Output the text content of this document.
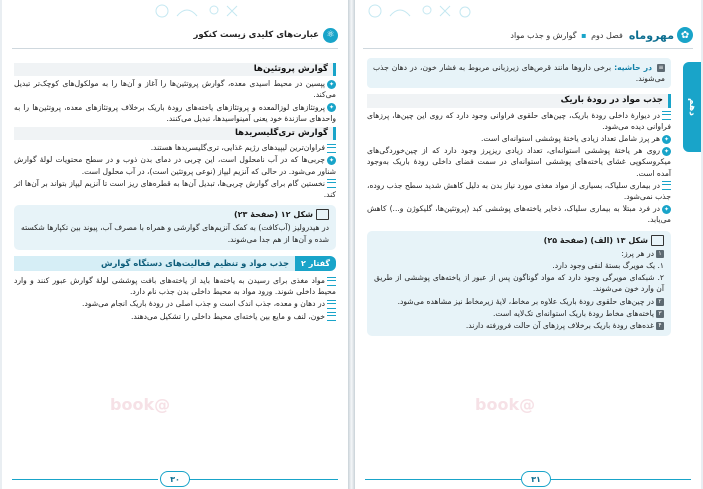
✿
مهروماه
فصل دوم ▪ گوارش و جذب مواد
دهم
≡ در حاشیه: برخی داروها مانند قرص‌های زیرزبانی مربوط به فشار خون، در دهان جذب می‌شوند.
جذب مواد در رودهٔ باریک

در دیوارهٔ داخلی رودهٔ باریک، چین‌های حلقوی فراوانی وجود دارد که روی این چین‌ها، پرزهای فراوانی دیده می‌شود.

✦هر پرز شامل تعداد زیادی یاختهٔ پوششی استوانه‌ای است.

✦روی هر یاختهٔ پوششی استوانه‌ای، تعداد زیادی ریزپرز وجود دارد که از چین‌خوردگی‌های میکروسکوپی غشای یاخته‌های پوششی استوانه‌ای در سمت فضای داخلی رودهٔ باریک به‌وجود آمده است.

در بیماری سلیاک، بسیاری از مواد مغذی مورد نیاز بدن به دلیل کاهش شدید سطح جذب روده، جذب نمی‌شود.

✦در فرد مبتلا به بیماری سلیاک، ذخایر یاخته‌های پوششی کبد (پروتئین‌ها، گلیکوژن و...) کاهش می‌یابد.

شکل ۱۳ (الف) (صفحهٔ ۲۵)

۱در هر پرز:

۱. یک مویرگ بستهٔ لنفی وجود دارد.

۲. شبکه‌ای مویرگی وجود دارد که مواد گوناگون پس از عبور از یاخته‌های پوششی از طریق آن وارد خون می‌شوند.

۲در چین‌های حلقوی رودهٔ باریک علاوه بر مخاط، لایهٔ زیرمخاط نیز مشاهده می‌شود.

۳یاخته‌های مخاط رودهٔ باریک استوانه‌ای تک‌لایه است.

۴غده‌های رودهٔ باریک برخلاف پرزهای آن حالت فرورفته دارند.

۳۱
⚛
عبارت‌های کلیدی زیست کنکور
گوارش پروتئین‌ها

✦پپسین در محیط اسیدی معده، گوارش پروتئین‌ها را آغاز و آن‌ها را به مولکول‌های کوچک‌تر تبدیل می‌کند.

✦پروتئازهای لوزالمعده و پروتئازهای یاخته‌های رودهٔ باریک برخلاف پروتئازهای معده، پروتئین‌ها را به واحدهای سازندهٔ خود یعنی آمینواسیدها، تبدیل می‌کنند.

گوارش تری‌گلیسریدها

فراوان‌ترین لیپیدهای رژیم غذایی، تری‌گلیسریدها هستند.

✦چربی‌ها که در آب نامحلول است، این چربی در دمای بدن ذوب و در سطح محتویات لولهٔ گوارش شناور می‌شود. در حالی که آنزیم لیپاز (نوعی پروتئین است)، در آب محلول است.

نخستین گام برای گوارش چربی‌ها، تبدیل آن‌ها به قطره‌های ریز است تا آنزیم لیپاز بتواند بر آن‌ها اثر کند.

شکل ۱۲ (صفحهٔ ۲۳)

در هیدرولیز (آب‌کافت) به کمک آنزیم‌های گوارشی و همراه با مصرف آب، پیوند بین تکپارها شکسته شده و آن‌ها از هم جدا می‌شوند.

گفتار ۲
جذب مواد و تنظیم فعالیت‌های دستگاه گوارش

مواد مغذی برای رسیدن به یاخته‌ها باید از یاخته‌های بافت پوششی لولهٔ گوارش عبور کنند و وارد محیط داخلی شوند. ورود مواد به محیط داخلی بدن جذب نام دارد.

در دهان و معده، جذب اندک است و جذب اصلی در رودهٔ باریک انجام می‌شود.

خون، لنف و مایع بین یاخته‌ای محیط داخلی را تشکیل می‌دهند.

۳۰
@book	@book
